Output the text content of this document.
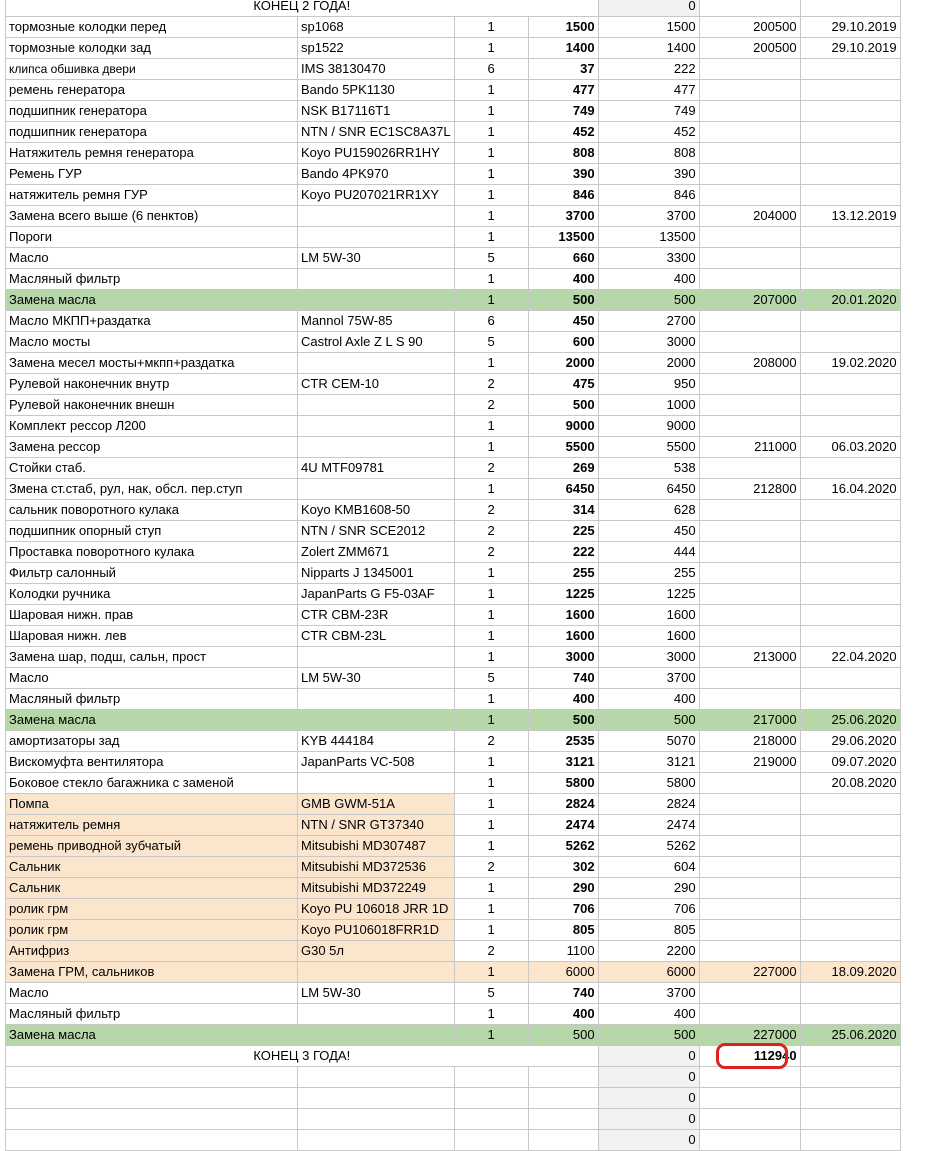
КОНЕЦ 2 ГОДА!				0		
тормозные колодки перед	sp1068	1	1500	1500	200500	29.10.2019
тормозные колодки зад	sp1522	1	1400	1400	200500	29.10.2019
клипса обшивка двери	IMS 38130470	6	37	222		
ремень генератора	Bando 5PK1130	1	477	477		
подшипник генератора	NSK B17116T1	1	749	749		
подшипник генератора	NTN / SNR EC1SC8A37L	1	452	452		
Натяжитель ремня генератора	Koyo PU159026RR1HY	1	808	808		
Ремень ГУР	Bando 4PK970	1	390	390		
натяжитель ремня ГУР	Koyo PU207021RR1XY	1	846	846		
Замена всего выше (6 пенктов)		1	3700	3700	204000	13.12.2019
Пороги		1	13500	13500		
Масло	LM 5W-30	5	660	3300		
Масляный фильтр		1	400	400		
Замена масла		1	500	500	207000	20.01.2020
Масло МКПП+раздатка	Mannol 75W-85	6	450	2700		
Масло мосты	Castrol Axle Z L S 90	5	600	3000		
Замена месел мосты+мкпп+раздатка		1	2000	2000	208000	19.02.2020
Рулевой наконечник внутр	CTR CEM-10	2	475	950		
Рулевой наконечник внешн		2	500	1000		
Комплект рессор Л200		1	9000	9000		
Замена рессор		1	5500	5500	211000	06.03.2020
Стойки стаб.	4U MTF09781	2	269	538		
Змена ст.стаб, рул, нак, обсл. пер.ступ		1	6450	6450	212800	16.04.2020
сальник поворотного кулака	Koyo KMB1608-50	2	314	628		
подшипник опорный ступ	NTN / SNR SCE2012	2	225	450		
Проставка поворотного кулака	Zolert ZMM671	2	222	444		
Фильтр салонный	Nipparts J 1345001	1	255	255		
Колодки ручника	JapanParts G F5-03AF	1	1225	1225		
Шаровая нижн. прав	CTR CBM-23R	1	1600	1600		
Шаровая нижн. лев	CTR CBM-23L	1	1600	1600		
Замена шар, подш, сальн, прост		1	3000	3000	213000	22.04.2020
Масло	LM 5W-30	5	740	3700		
Масляный фильтр		1	400	400		
Замена масла		1	500	500	217000	25.06.2020
амортизаторы зад	KYB 444184	2	2535	5070	218000	29.06.2020
Вискомуфта вентилятора	JapanParts VC-508	1	3121	3121	219000	09.07.2020
Боковое стекло багажника с заменой		1	5800	5800		20.08.2020
Помпа	GMB GWM-51A	1	2824	2824		
натяжитель ремня	NTN / SNR GT37340	1	2474	2474		
ремень приводной зубчатый	Mitsubishi MD307487	1	5262	5262		
Сальник	Mitsubishi MD372536	2	302	604		
Сальник	Mitsubishi MD372249	1	290	290		
ролик грм	Koyo PU 106018 JRR 1D	1	706	706		
ролик грм	Koyo PU106018FRR1D	1	805	805		
Антифриз	G30 5л	2	1100	2200		
Замена ГРМ, сальников		1	6000	6000	227000	18.09.2020
Масло	LM 5W-30	5	740	3700		
Масляный фильтр		1	400	400		
Замена масла		1	500	500	227000	25.06.2020
КОНЕЦ 3 ГОДА!				0	112940	
				0		
				0		
				0		
				0		
